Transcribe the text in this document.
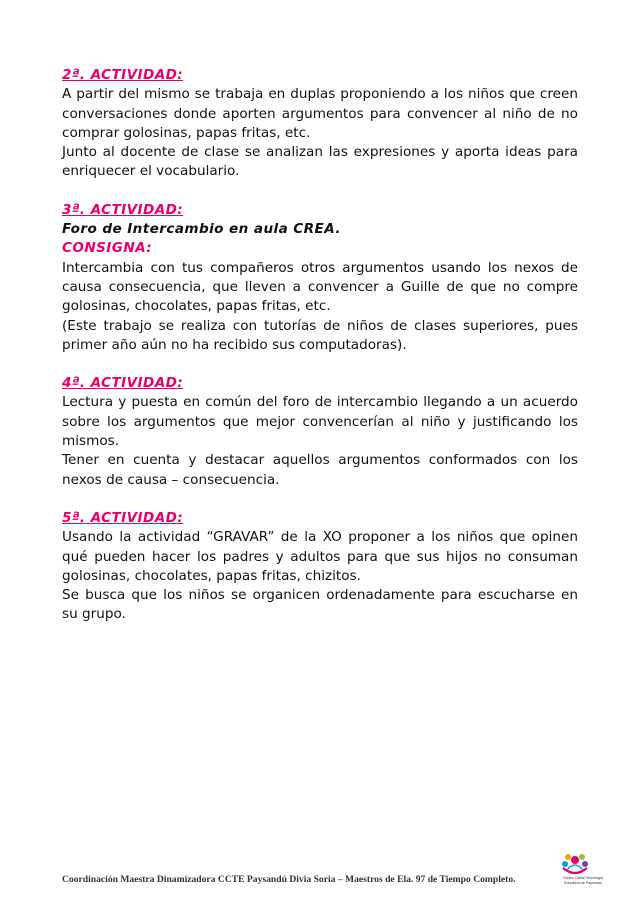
2ª. ACTIVIDAD:

A partir del mismo se trabaja en duplas proponiendo a los niños que creen conversaciones donde aporten argumentos para convencer al niño de no comprar golosinas, papas fritas, etc.

Junto al docente de clase se analizan las expresiones y aporta ideas para enriquecer el vocabulario.

3ª. ACTIVIDAD:
Foro de Intercambio en aula CREA.
CONSIGNA:

Intercambia con tus compañeros otros argumentos usando los nexos de causa consecuencia, que lleven a convencer a Guille de que no compre golosinas, chocolates, papas fritas, etc.

(Este trabajo se realiza con tutorías de niños de clases superiores, pues primer año aún no ha recibido sus computadoras).

4ª. ACTIVIDAD:

Lectura y puesta en común del foro de intercambio llegando a un acuerdo sobre los argumentos que mejor convencerían al niño y justificando los mismos.

Tener en cuenta y destacar aquellos argumentos conformados con los nexos de causa – consecuencia.

5ª. ACTIVIDAD:

Usando la actividad “GRAVAR” de la XO proponer a los niños que opinen qué pueden hacer los padres y adultos para que sus hijos no consuman golosinas, chocolates, papas fritas, chizitos.

Se busca que los niños se organicen ordenadamente para escucharse en su grupo.

Coordinación Maestra Dinamizadora CCTE Paysandú Divia Soria – Maestros de Ela. 97 de Tiempo Completo.	Centro Ceibal Tecnología
Educativa de Paysandú
